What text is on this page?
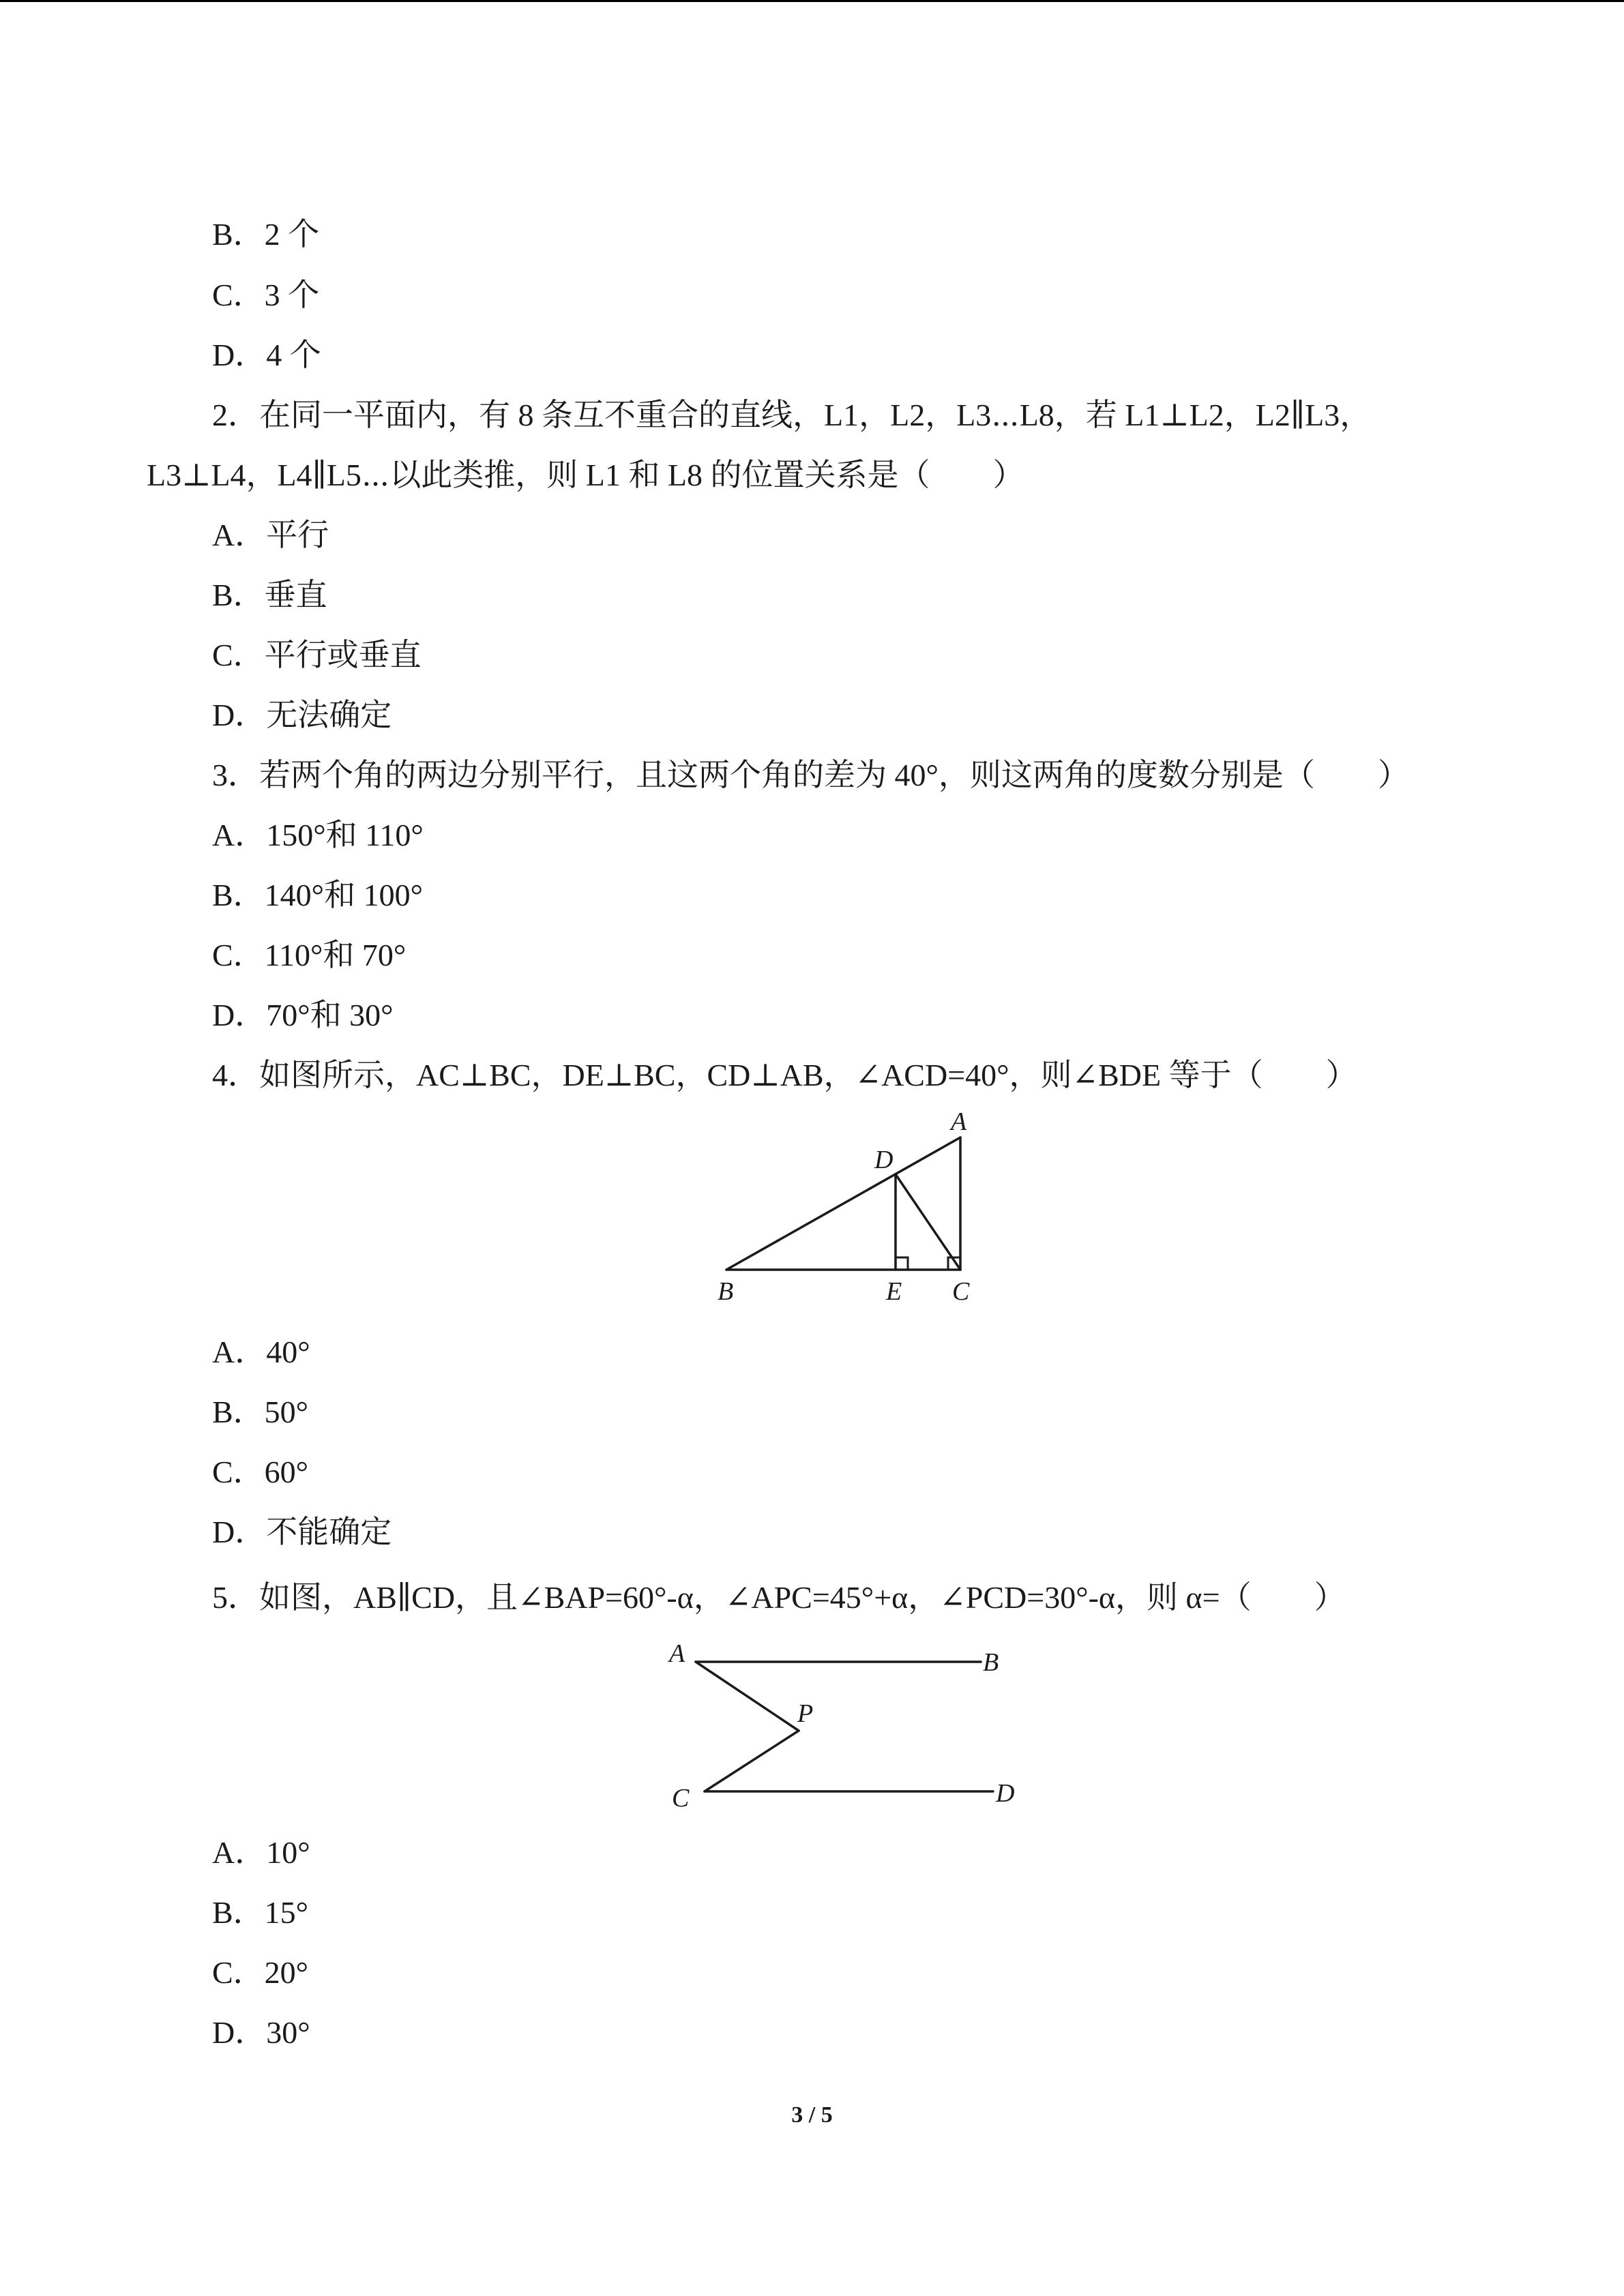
B．2 个
C．3 个
D．4 个
2．在同一平面内，有 8 条互不重合的直线，L1，L2，L3⋯L8，若 L1⊥L2，L2∥L3，
L3⊥L4，L4∥L5⋯以此类推，则 L1 和 L8 的位置关系是（　　）
A．平行
B．垂直
C．平行或垂直
D．无法确定
3．若两个角的两边分别平行，且这两个角的差为 40°，则这两角的度数分别是（　　）
A．150°和 110°
B．140°和 100°
C．110°和 70°
D．70°和 30°
4．如图所示，AC⊥BC，DE⊥BC，CD⊥AB，∠ACD=40°，则∠BDE 等于（　　）
A
D
B	E C
A．40°
B．50°
C．60°
D．不能确定
5．如图，AB∥CD，且∠BAP=60°-α，∠APC=45°+α，∠PCD=30°-α，则 α=（　　）
A	B
P
C	D
A．10°
B．15°
C．20°
D．30°
3 / 5
